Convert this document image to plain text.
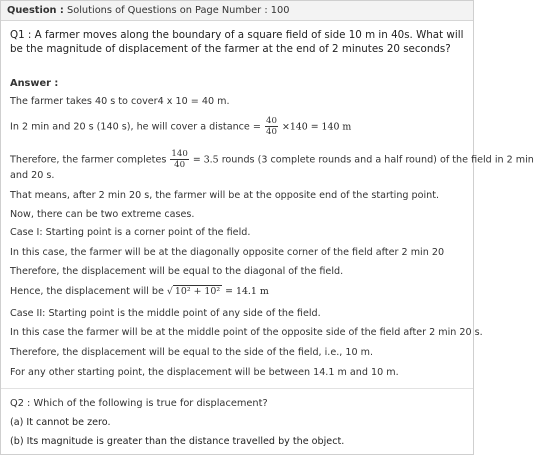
Question : Solutions of Questions on Page Number : 100
Q1 : A farmer moves along the boundary of a square field of side 10 m in 40s. What will be the magnitude of displacement of the farmer at the end of 2 minutes 20 seconds?
Answer :
The farmer takes 40 s to cover4 x 10 = 40 m.
In 2 min and 20 s (140 s), he will cover a distance = $\frac{40}{40} \times 140 = 140$ m
Therefore, the farmer completes $\frac{140}{40} = 3.5$ rounds (3 complete rounds and a half round) of the field in 2 min
and 20 s.
That means, after 2 min 20 s, the farmer will be at the opposite end of the starting point.
Now, there can be two extreme cases.
Case I: Starting point is a corner point of the field.
In this case, the farmer will be at the diagonally opposite corner of the field after 2 min 20
Therefore, the displacement will be equal to the diagonal of the field.
Hence, the displacement will be √ 10² + 10² = 14.1 m
Case II: Starting point is the middle point of any side of the field.
In this case the farmer will be at the middle point of the opposite side of the field after 2 min 20 s.
Therefore, the displacement will be equal to the side of the field, i.e., 10 m.
For any other starting point, the displacement will be between 14.1 m and 10 m.
Q2 : Which of the following is true for displacement?
(a) It cannot be zero.
(b) Its magnitude is greater than the distance travelled by the object.
